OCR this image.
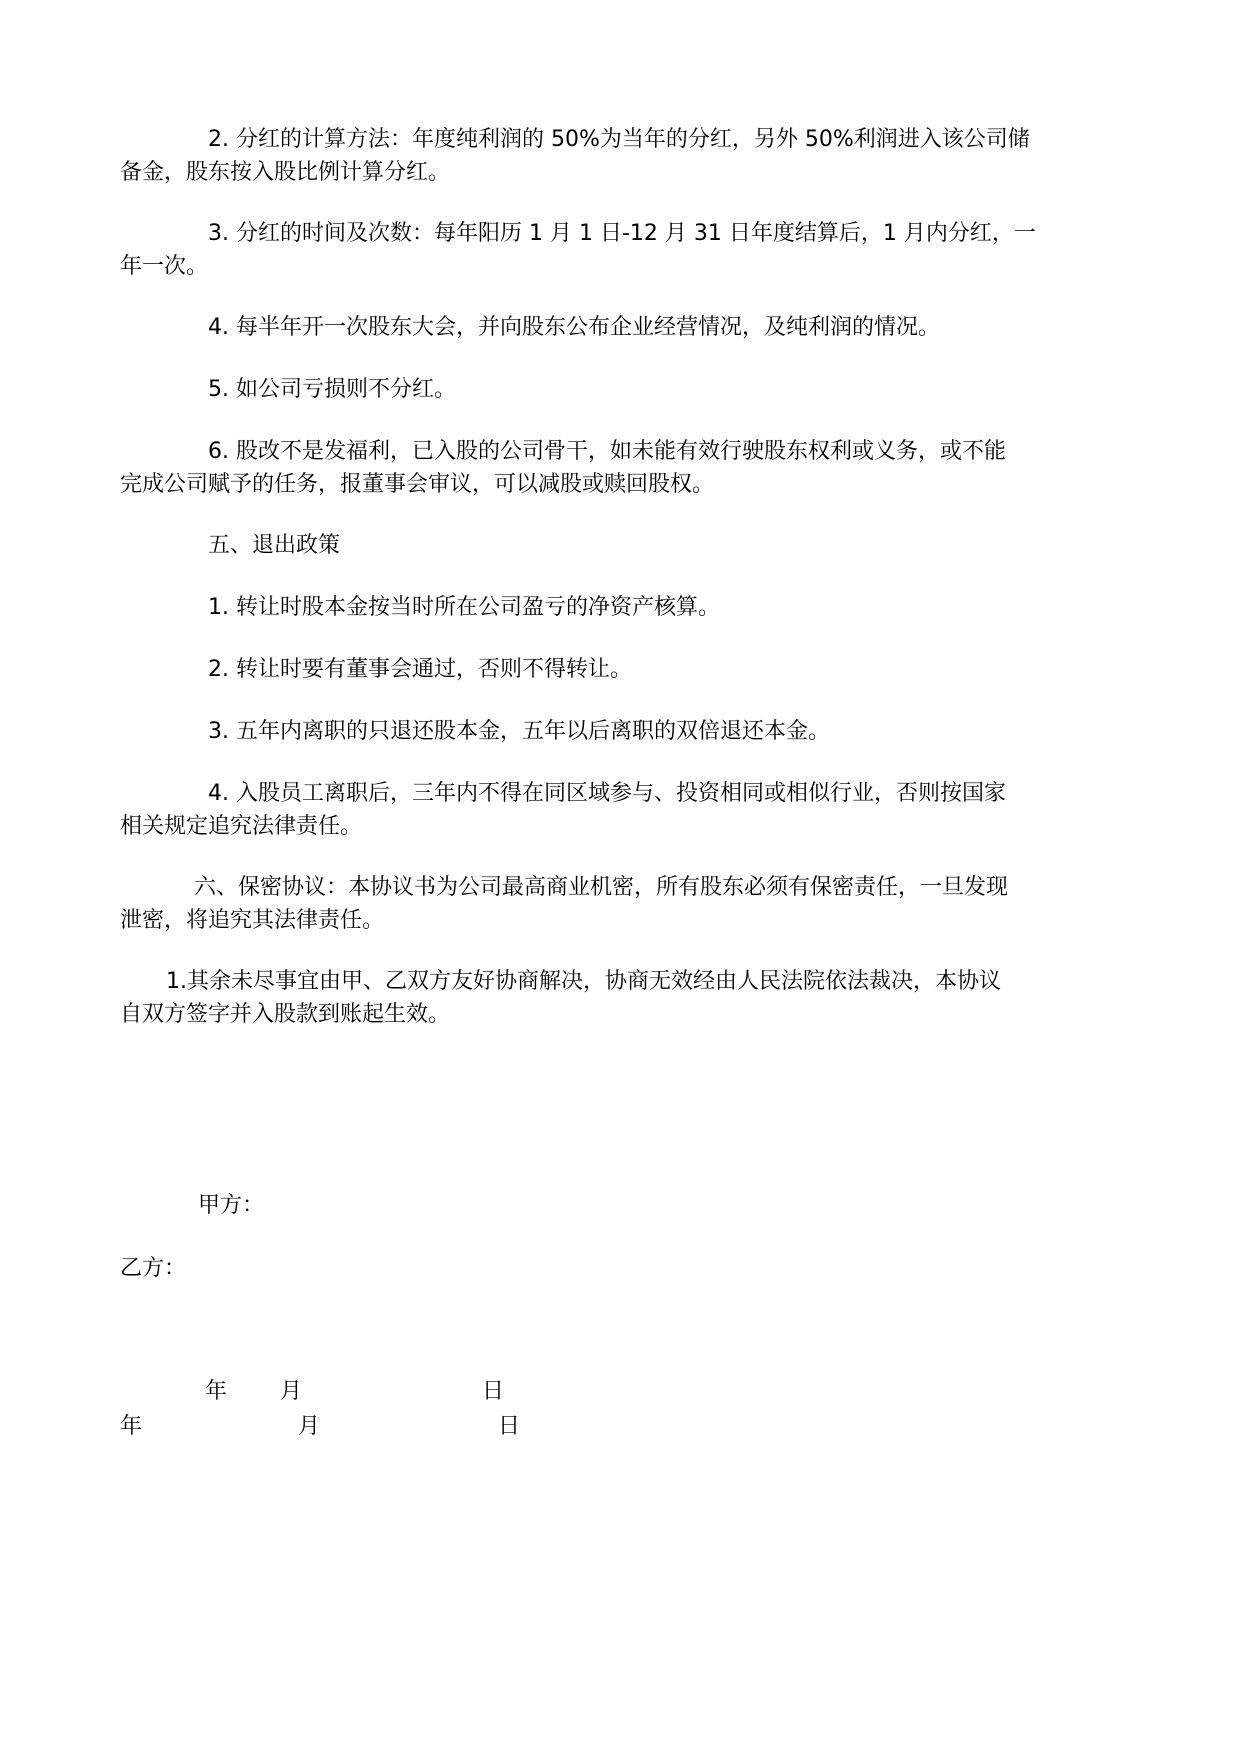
2. 分红的计算方法：年度纯利润的 50%为当年的分红，另外 50%利润进入该公司储
备金，股东按入股比例计算分红。
3. 分红的时间及次数：每年阳历 1 月 1 日-12 月 31 日年度结算后，1 月内分红，一
年一次。
4. 每半年开一次股东大会，并向股东公布企业经营情况，及纯利润的情况。
5. 如公司亏损则不分红。
6. 股改不是发福利，已入股的公司骨干，如未能有效行驶股东权利或义务，或不能
完成公司赋予的任务，报董事会审议，可以减股或赎回股权。
五、退出政策
1. 转让时股本金按当时所在公司盈亏的净资产核算。
2. 转让时要有董事会通过，否则不得转让。
3. 五年内离职的只退还股本金，五年以后离职的双倍退还本金。
4. 入股员工离职后，三年内不得在同区域参与、投资相同或相似行业，否则按国家
相关规定追究法律责任。
六、保密协议：本协议书为公司最高商业机密，所有股东必须有保密责任，一旦发现
泄密，将追究其法律责任。
1.其余未尽事宜由甲、乙双方友好协商解决，协商无效经由人民法院依法裁决，本协议
自双方签字并入股款到账起生效。
甲方：
乙方：
年 月	日
年	月	日
